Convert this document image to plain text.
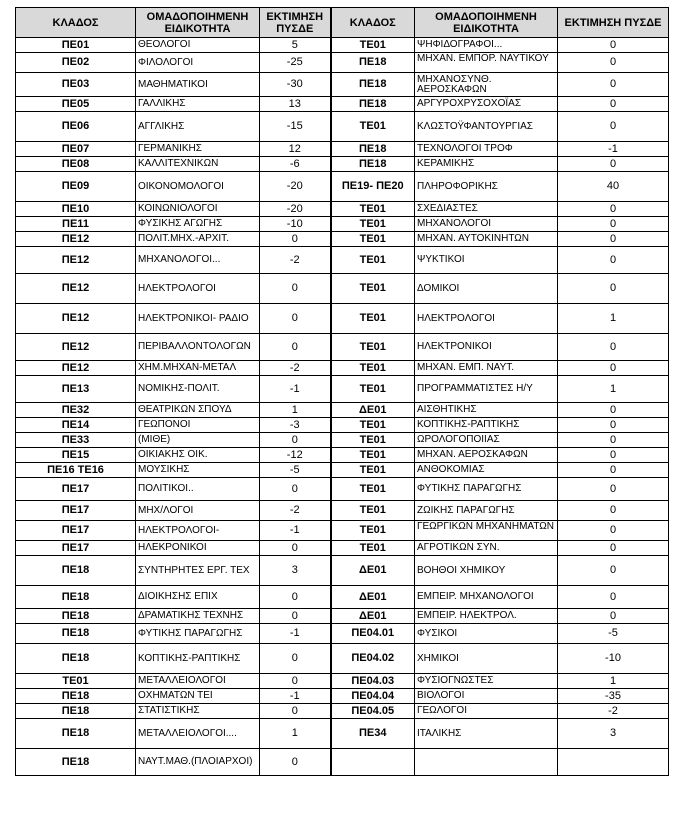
ΚΛΑΔΟΣ	ΟΜΑΔΟΠΟΙΗΜΕΝΗ ΕΙΔΙΚΟΤΗΤΑ	ΕΚΤΙΜΗΣΗ ΠΥΣΔΕ	ΚΛΑΔΟΣ	ΟΜΑΔΟΠΟΙΗΜΕΝΗ ΕΙΔΙΚΟΤΗΤΑ	ΕΚΤΙΜΗΣΗ ΠΥΣΔΕ
ΠΕ01	ΘΕΟΛΟΓΟΙ	5	ΤΕ01	ΨΗΦΙΔΟΓΡΑΦΟΙ...	0
ΠΕ02	ΦΙΛΟΛΟΓΟΙ	-25	ΠΕ18	ΜΗΧΑΝ. ΕΜΠΟΡ. ΝΑΥΤΙΚΟΥ	0
ΠΕ03	ΜΑΘΗΜΑΤΙΚΟΙ	-30	ΠΕ18	ΜΗΧΑΝΟΣΥΝΘ. ΑΕΡΟΣΚΑΦΩΝ	0
ΠΕ05	ΓΑΛΛΙΚΗΣ	13	ΠΕ18	ΑΡΓΥΡΟΧΡΥΣΟΧΟΪΑΣ	0
ΠΕ06	ΑΓΓΛΙΚΗΣ	-15	ΤΕ01	ΚΛΩΣΤΟΫΦΑΝΤΟΥΡΓΙΑΣ	0
ΠΕ07	ΓΕΡΜΑΝΙΚΗΣ	12	ΠΕ18	ΤΕΧΝΟΛΟΓΟΙ ΤΡΟΦ	-1
ΠΕ08	ΚΑΛΛΙΤΕΧΝΙΚΩΝ	-6	ΠΕ18	ΚΕΡΑΜΙΚΗΣ	0
ΠΕ09	ΟΙΚΟΝΟΜΟΛΟΓΟΙ	-20	ΠΕ19- ΠΕ20	ΠΛΗΡΟΦΟΡΙΚΗΣ	40
ΠΕ10	ΚΟΙΝΩΝΙΟΛΟΓΟΙ	-20	ΤΕ01	ΣΧΕΔΙΑΣΤΕΣ	0
ΠΕ11	ΦΥΣΙΚΗΣ ΑΓΩΓΗΣ	-10	ΤΕ01	ΜΗΧΑΝΟΛΟΓΟΙ	0
ΠΕ12	ΠΟΛΙΤ.ΜΗΧ.-ΑΡΧΙΤ.	0	ΤΕ01	ΜΗΧΑΝ. ΑΥΤΟΚΙΝΗΤΩΝ	0
ΠΕ12	ΜΗΧΑΝΟΛΟΓΟΙ...	-2	ΤΕ01	ΨΥΚΤΙΚΟΙ	0
ΠΕ12	ΗΛΕΚΤΡΟΛΟΓΟΙ	0	ΤΕ01	ΔΟΜΙΚΟΙ	0
ΠΕ12	ΗΛΕΚΤΡΟΝΙΚΟΙ- ΡΑΔΙΟ	0	ΤΕ01	ΗΛΕΚΤΡΟΛΟΓΟΙ	1
ΠΕ12	ΠΕΡΙΒΑΛΛΟΝΤΟΛΟΓΩΝ	0	ΤΕ01	ΗΛΕΚΤΡΟΝΙΚΟΙ	0
ΠΕ12	ΧΗΜ.ΜΗΧΑΝ-ΜΕΤΑΛ	-2	ΤΕ01	ΜΗΧΑΝ. ΕΜΠ. ΝΑΥΤ.	0
ΠΕ13	ΝΟΜΙΚΗΣ-ΠΟΛΙΤ.	-1	ΤΕ01	ΠΡΟΓΡΑΜΜΑΤΙΣΤΕΣ Η/Υ	1
ΠΕ32	ΘΕΑΤΡΙΚΩΝ ΣΠΟΥΔ	1	ΔΕ01	ΑΙΣΘΗΤΙΚΗΣ	0
ΠΕ14	ΓΕΩΠΟΝΟΙ	-3	ΤΕ01	ΚΟΠΤΙΚΗΣ-ΡΑΠΤΙΚΗΣ	0
ΠΕ33	(ΜΙΘΕ)	0	ΤΕ01	ΩΡΟΛΟΓΟΠΟΙΙΑΣ	0
ΠΕ15	ΟΙΚΙΑΚΗΣ ΟΙΚ.	-12	ΤΕ01	ΜΗΧΑΝ. ΑΕΡΟΣΚΑΦΩΝ	0
ΠΕ16 ΤΕ16	ΜΟΥΣΙΚΗΣ	-5	ΤΕ01	ΑΝΘΟΚΟΜΙΑΣ	0
ΠΕ17	ΠΟΛΙΤΙΚΟΙ..	0	ΤΕ01	ΦΥΤΙΚΗΣ ΠΑΡΑΓΩΓΗΣ	0
ΠΕ17	ΜΗΧ/ΛΟΓΟΙ	-2	ΤΕ01	ΖΩΙΚΗΣ ΠΑΡΑΓΩΓΗΣ	0
ΠΕ17	ΗΛΕΚΤΡΟΛΟΓΟΙ-	-1	ΤΕ01	ΓΕΩΡΓΙΚΩΝ ΜΗΧΑΝΗΜΑΤΩΝ	0
ΠΕ17	ΗΛΕΚΡΟΝΙΚΟΙ	0	ΤΕ01	ΑΓΡΟΤΙΚΩΝ ΣΥΝ.	0
ΠΕ18	ΣΥΝΤΗΡΗΤΕΣ ΕΡΓ. ΤΕΧ	3	ΔΕ01	ΒΟΗΘΟΙ ΧΗΜΙΚΟΥ	0
ΠΕ18	ΔΙΟΙΚΗΣΗΣ ΕΠΙΧ	0	ΔΕ01	ΕΜΠΕΙΡ. ΜΗΧΑΝΟΛΟΓΟΙ	0
ΠΕ18	ΔΡΑΜΑΤΙΚΗΣ ΤΕΧΝΗΣ	0	ΔΕ01	ΕΜΠΕΙΡ. ΗΛΕΚΤΡΟΛ.	0
ΠΕ18	ΦΥΤΙΚΗΣ ΠΑΡΑΓΩΓΗΣ	-1	ΠΕ04.01	ΦΥΣΙΚΟΙ	-5
ΠΕ18	ΚΟΠΤΙΚΗΣ-ΡΑΠΤΙΚΗΣ	0	ΠΕ04.02	ΧΗΜΙΚΟΙ	-10
ΤΕ01	ΜΕΤΑΛΛΕΙΟΛΟΓΟΙ	0	ΠΕ04.03	ΦΥΣΙΟΓΝΩΣΤΕΣ	1
ΠΕ18	ΟΧΗΜΑΤΩΝ ΤΕΙ	-1	ΠΕ04.04	ΒΙΟΛΟΓΟΙ	-35
ΠΕ18	ΣΤΑΤΙΣΤΙΚΗΣ	0	ΠΕ04.05	ΓΕΩΛΟΓΟΙ	-2
ΠΕ18	ΜΕΤΑΛΛΕΙΟΛΟΓΟΙ....	1	ΠΕ34	ΙΤΑΛΙΚΗΣ	3
ΠΕ18	ΝΑΥΤ.ΜΑΘ.(ΠΛΟΙΑΡΧΟΙ)	0			
